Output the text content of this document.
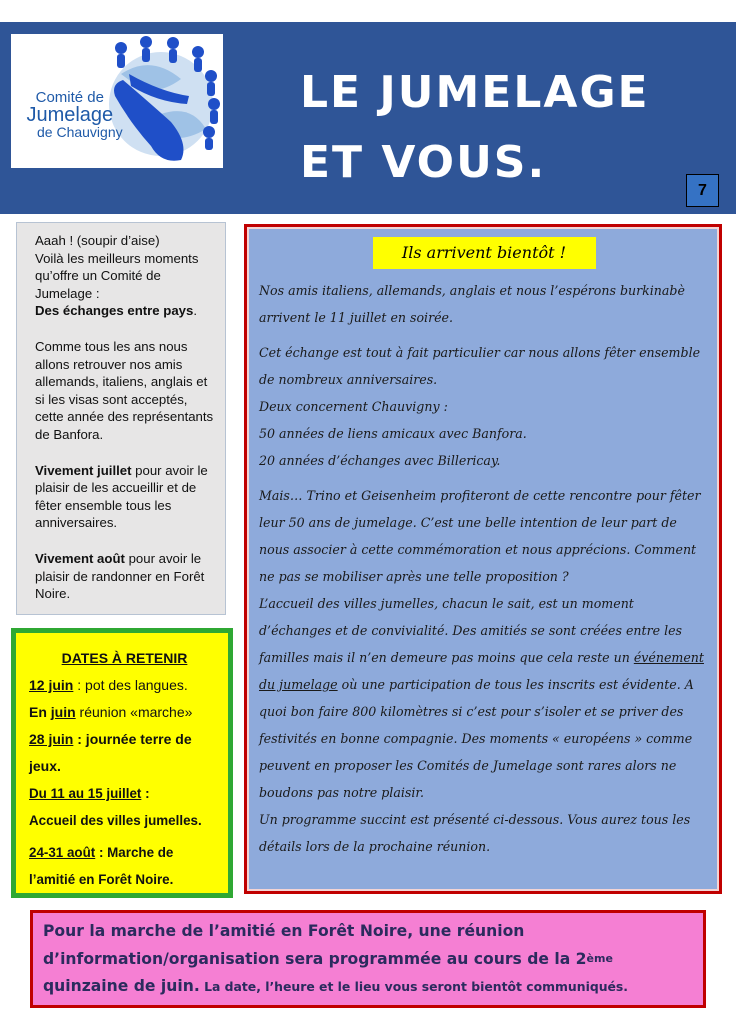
Comité de
Jumelage
de Chauvigny
LE JUMELAGE
ET VOUS.
7

Aaah ! (soupir d’aise)
Voilà les meilleurs moments qu’offre un Comité de Jumelage :
Des échanges entre pays.

Comme tous les ans nous allons retrouver nos amis allemands, italiens, anglais et si les visas sont acceptés, cette année des représentants de Banfora.

Vivement juillet pour avoir le plaisir de les accueillir et de fêter ensemble tous les anniversaires.

Vivement août pour avoir le plaisir de randonner en Forêt Noire.

DATES À RETENIR
12 juin : pot des langues.
En juin réunion «marche»
28 juin : journée terre de jeux.
Du 11 au 15 juillet :
Accueil des villes jumelles.
24-31 août : Marche de l’amitié en Forêt Noire.
Ils arrivent bientôt !

Nos amis italiens, allemands, anglais et nous l’espérons burkinabè arrivent le 11 juillet en soirée.

Cet échange est tout à fait particulier car nous allons fêter ensemble de nombreux anniversaires.

Deux concernent Chauvigny :

50 années de liens amicaux avec Banfora.

20 années d’échanges avec Billericay.

Mais… Trino et Geisenheim profiteront de cette rencontre pour fêter leur 50 ans de jumelage. C’est une belle intention de leur part de nous associer à cette commémoration et nous apprécions. Comment ne pas se mobiliser après une telle proposition ?

L’accueil des villes jumelles, chacun le sait, est un moment d’échanges et de convivialité. Des amitiés se sont créées entre les familles mais il n’en demeure pas moins que cela reste un événement du jumelage où une participation de tous les inscrits est évidente. A quoi bon faire 800 kilomètres si c’est pour s’isoler et se priver des festivités en bonne compagnie. Des moments « européens » comme peuvent en proposer les Comités de Jumelage sont rares alors ne boudons pas notre plaisir.

Un programme succint est présenté ci-dessous. Vous aurez tous les détails lors de la prochaine réunion.

Pour la marche de l’amitié en Forêt Noire, une réunion d’information/organisation sera programmée au cours de la 2ème quinzaine de juin. La date, l’heure et le lieu vous seront bientôt communiqués.
